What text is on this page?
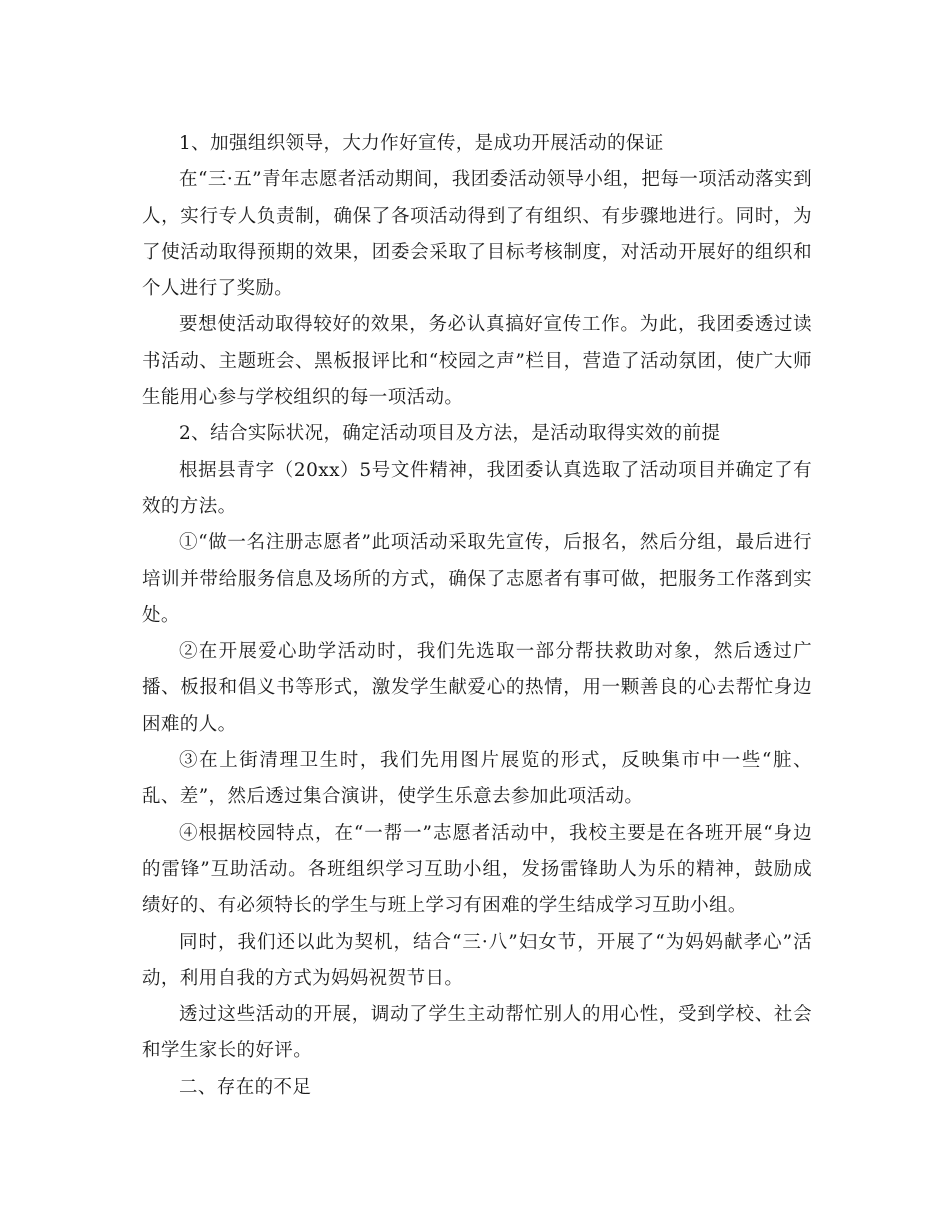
1、加强组织领导，大力作好宣传，是成功开展活动的保证

在“三·五”青年志愿者活动期间，我团委活动领导小组，把每一项活动落实到人，实行专人负责制，确保了各项活动得到了有组织、有步骤地进行。同时，为了使活动取得预期的效果，团委会采取了目标考核制度，对活动开展好的组织和个人进行了奖励。

要想使活动取得较好的效果，务必认真搞好宣传工作。为此，我团委透过读书活动、主题班会、黑板报评比和“校园之声”栏目，营造了活动氛团，使广大师生能用心参与学校组织的每一项活动。

2、结合实际状况，确定活动项目及方法，是活动取得实效的前提

根据县青字（20xx）5号文件精神，我团委认真选取了活动项目并确定了有效的方法。

①“做一名注册志愿者”此项活动采取先宣传，后报名，然后分组，最后进行培训并带给服务信息及场所的方式，确保了志愿者有事可做，把服务工作落到实处。

②在开展爱心助学活动时，我们先选取一部分帮扶救助对象，然后透过广播、板报和倡义书等形式，激发学生献爱心的热情，用一颗善良的心去帮忙身边困难的人。

③在上街清理卫生时，我们先用图片展览的形式，反映集市中一些“脏、乱、差”，然后透过集合演讲，使学生乐意去参加此项活动。

④根据校园特点，在“一帮一”志愿者活动中，我校主要是在各班开展“身边的雷锋”互助活动。各班组织学习互助小组，发扬雷锋助人为乐的精神，鼓励成绩好的、有必须特长的学生与班上学习有困难的学生结成学习互助小组。

同时，我们还以此为契机，结合“三·八”妇女节，开展了“为妈妈献孝心”活动，利用自我的方式为妈妈祝贺节日。

透过这些活动的开展，调动了学生主动帮忙别人的用心性，受到学校、社会和学生家长的好评。

二、存在的不足
